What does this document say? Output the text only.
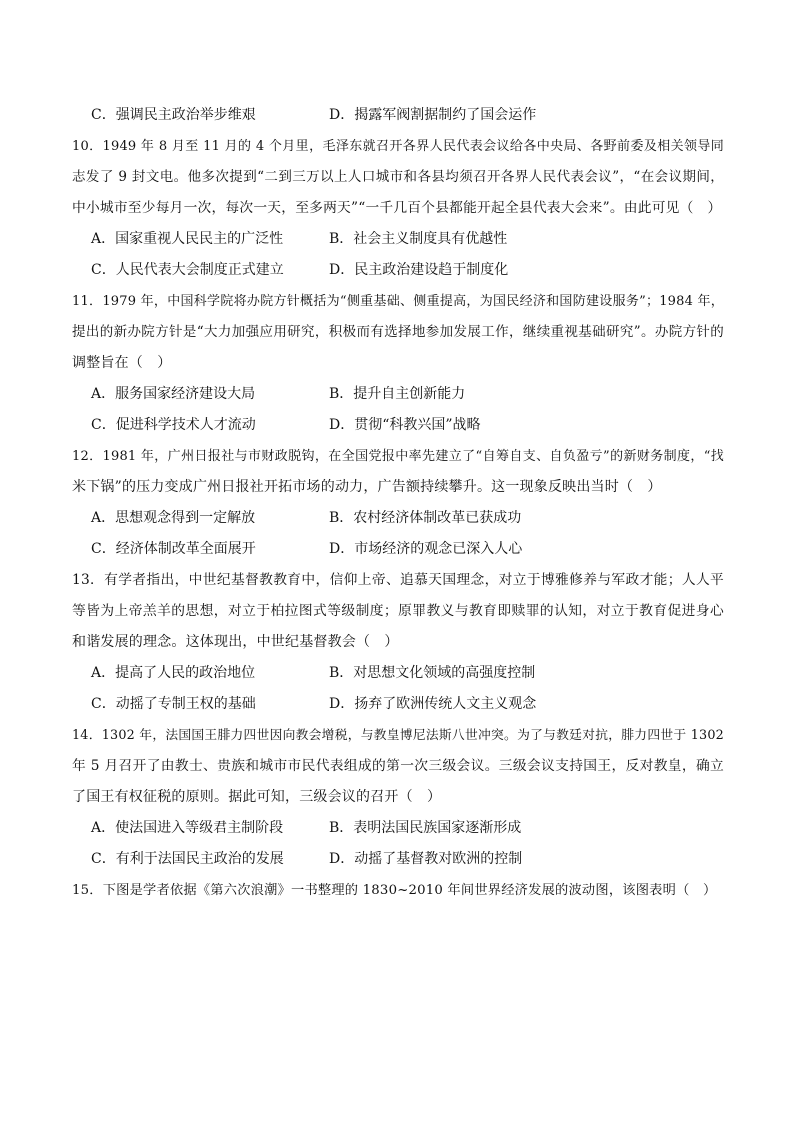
C．强调民主政治举步维艰	D．揭露军阀割据制约了国会运作
10．1949 年 8 月至 11 月的 4 个月里，毛泽东就召开各界人民代表会议给各中央局、各野前委及相关领导同
志发了 9 封文电。他多次提到“二到三万以上人口城市和各县均须召开各界人民代表会议”，“在会议期间，
中小城市至少每月一次，每次一天，至多两天”“一千几百个县都能开起全县代表大会来”。由此可见（　）
A．国家重视人民民主的广泛性	B．社会主义制度具有优越性
C．人民代表大会制度正式建立	D．民主政治建设趋于制度化
11．1979 年，中国科学院将办院方针概括为“侧重基础、侧重提高，为国民经济和国防建设服务”；1984 年，
提出的新办院方针是“大力加强应用研究，积极而有选择地参加发展工作，继续重视基础研究”。办院方针的
调整旨在（　）
A．服务国家经济建设大局	B．提升自主创新能力
C．促进科学技术人才流动	D．贯彻“科教兴国”战略
12．1981 年，广州日报社与市财政脱钩，在全国党报中率先建立了“自筹自支、自负盈亏”的新财务制度，“找
米下锅”的压力变成广州日报社开拓市场的动力，广告额持续攀升。这一现象反映出当时（　）
A．思想观念得到一定解放	B．农村经济体制改革已获成功
C．经济体制改革全面展开	D．市场经济的观念已深入人心
13．有学者指出，中世纪基督教教育中，信仰上帝、追慕天国理念，对立于博雅修养与军政才能；人人平
等皆为上帝羔羊的思想，对立于柏拉图式等级制度；原罪教义与教育即赎罪的认知，对立于教育促进身心
和谐发展的理念。这体现出，中世纪基督教会（　）
A．提高了人民的政治地位	B．对思想文化领域的高强度控制
C．动摇了专制王权的基础	D．扬弃了欧洲传统人文主义观念
14．1302 年，法国国王腓力四世因向教会增税，与教皇博尼法斯八世冲突。为了与教廷对抗，腓力四世于 1302
年 5 月召开了由教士、贵族和城市市民代表组成的第一次三级会议。三级会议支持国王，反对教皇，确立
了国王有权征税的原则。据此可知，三级会议的召开（　）
A．使法国进入等级君主制阶段	B．表明法国民族国家逐渐形成
C．有利于法国民主政治的发展	D．动摇了基督教对欧洲的控制
15．下图是学者依据《第六次浪潮》一书整理的 1830~2010 年间世界经济发展的波动图，该图表明（　）
